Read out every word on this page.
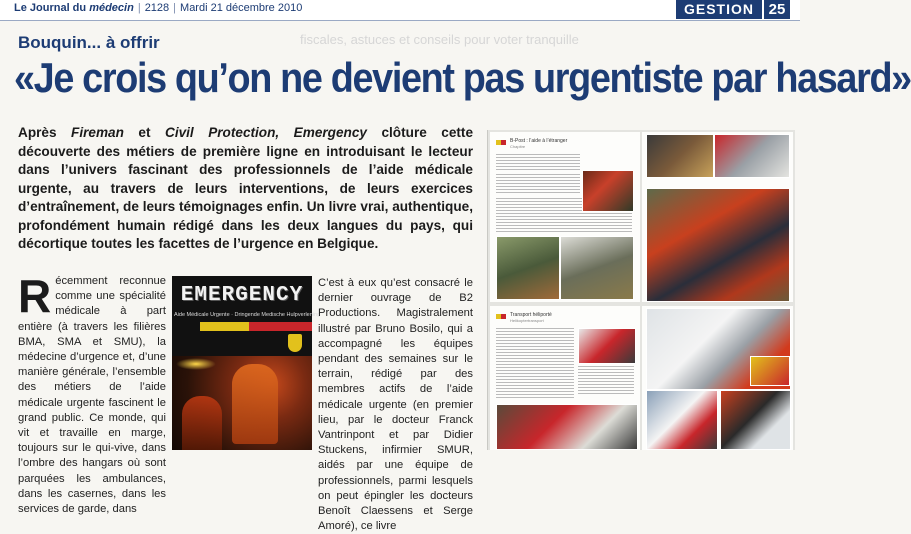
Le Journal du médecin | 2128 | Mardi 21 décembre 2010	GESTION 25
fiscales, astuces et conseils pour voter tranquille
Bouquin... à offrir
«Je crois qu’on ne devient pas urgentiste par hasard»
Après Fireman et Civil Protection, Emergency clôture cette découverte des métiers de première ligne en introduisant le lecteur dans l’univers fascinant des professionnels de l’aide médicale urgente, au travers de leurs interventions, de leurs exercices d’entraînement, de leurs témoignages enfin. Un livre vrai, authentique, profondément humain rédigé dans les deux langues du pays, qui décortique toutes les facettes de l’urgence en Belgique.
Récemment reconnue comme une spécialité médicale à part entière (à travers les filières BMA, SMA et SMU), la médecine d’urgence et, d’une manière générale, l’ensemble des métiers de l’aide médicale urgente fascinent le grand public. Ce monde, qui vit et travaille en marge, toujours sur le qui-vive, dans l’ombre des hangars où sont parquées les ambulances, dans les casernes, dans les services de garde, dans
EMERGENCY
Aide Médicale Urgente · Dringende Medische Hulpverlening
C’est à eux qu’est consacré le dernier ouvrage de B2 Productions. Magistralement illustré par Bruno Bosilo, qui a accompagné les équipes pendant des semaines sur le terrain, rédigé par des membres actifs de l’aide médicale urgente (en premier lieu, par le docteur Franck Vantrinpont et par Didier Stuckens, infirmier SMUR, aidés par une équipe de professionnels, parmi lesquels on peut épingler les docteurs Benoît Claessens et Serge Amoré), ce livre
B-Post : l’aide à l’étranger
Chapitre
Transport héliporté
Helikoptertransport
